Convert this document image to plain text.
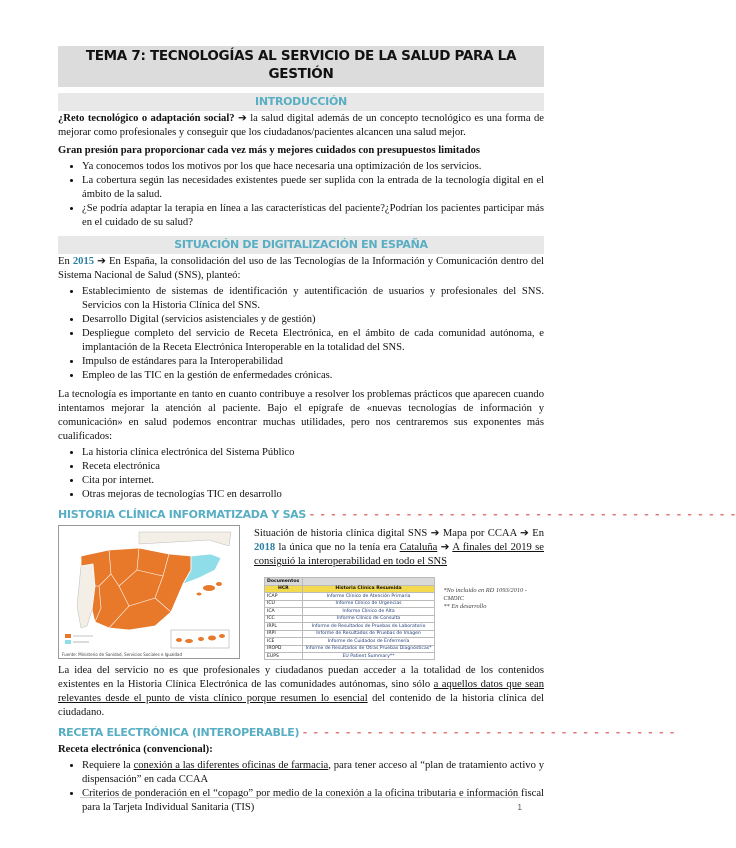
TEMA 7: TECNOLOGÍAS AL SERVICIO DE LA SALUD PARA LA GESTIÓN
INTRODUCCIÓN

¿Reto tecnológico o adaptación social? ➔ la salud digital además de un concepto tecnológico es una forma de mejorar como profesionales y conseguir que los ciudadanos/pacientes alcancen una salud mejor.

Gran presión para proporcionar cada vez más y mejores cuidados con presupuestos limitados

• Ya conocemos todos los motivos por los que hace necesaria una optimización de los servicios.
• La cobertura según las necesidades existentes puede ser suplida con la entrada de la tecnología digital en el ámbito de la salud.
• ¿Se podría adaptar la terapia en línea a las características del paciente?¿Podrían los pacientes participar más en el cuidado de su salud?
SITUACIÓN DE DIGITALIZACIÓN EN ESPAÑA

En 2015 ➔ En España, la consolidación del uso de las Tecnologías de la Información y Comunicación dentro del Sistema Nacional de Salud (SNS), planteó:

• Establecimiento de sistemas de identificación y autentificación de usuarios y profesionales del SNS. Servicios con la Historia Clínica del SNS.
• Desarrollo Digital (servicios asistenciales y de gestión)
• Despliegue completo del servicio de Receta Electrónica, en el ámbito de cada comunidad autónoma, e implantación de la Receta Electrónica Interoperable en la totalidad del SNS.
• Impulso de estándares para la Interoperabilidad
• Empleo de las TIC en la gestión de enfermedades crónicas.

La tecnología es importante en tanto en cuanto contribuye a resolver los problemas prácticos que aparecen cuando intentamos mejorar la atención al paciente. Bajo el epígrafe de «nuevas tecnologías de información y comunicación» en salud podemos encontrar muchas utilidades, pero nos centraremos sus exponentes más cualificados:

• La historia clínica electrónica del Sistema Público
• Receta electrónica
• Cita por internet.
• Otras mejoras de tecnologías TIC en desarrollo
HISTORIA CLÍNICA INFORMATIZADA Y SAS - - - - - - - - - - - - - - - - - - - - - - - - - - - - - - - - - - - - - - - -
Fuente: Ministerio de Sanidad, Servicios Sociales e Igualdad

Situación de historia clínica digital SNS ➔ Mapa por CCAA ➔ En 2018 la única que no la tenía era Cataluña ➔ A finales del 2019 se consiguió la interoperabilidad en todo el SNS

Documentos	
HCR	Historia Clínica Resumida
ICAP	Informe Clínico de Atención Primaria
ICU	Informe Clínico de Urgencias
ICA	Informe Clínico de Alta
ICC	Informe Clínico de Consulta
IRPL	Informe de Resultados de Pruebas de Laboratorio
IRPI	Informe de Resultados de Pruebas de Imagen
ICE	Informe de Cuidados de Enfermería
IROPD	Informe de Resultados de Otras Pruebas Diagnósticas*
EUPS	EU Patient Summary**
*No incluido en RD 1093/2010 - CMDIC
** En desarrollo

La idea del servicio no es que profesionales y ciudadanos puedan acceder a la totalidad de los contenidos existentes en la Historia Clínica Electrónica de las comunidades autónomas, sino sólo a aquellos datos que sean relevantes desde el punto de vista clínico porque resumen lo esencial del contenido de la historia clínica del ciudadano.

RECETA ELECTRÓNICA (INTEROPERABLE) - - - - - - - - - - - - - - - - - - - - - - - - - - - - - - - - - - -

Receta electrónica (convencional):

• Requiere la conexión a las diferentes oficinas de farmacia, para tener acceso al “plan de tratamiento activo y dispensación” en cada CCAA
• Criterios de ponderación en el “copago” por medio de la conexión a la oficina tributaria e información fiscal para la Tarjeta Individual Sanitaria (TIS)	1
